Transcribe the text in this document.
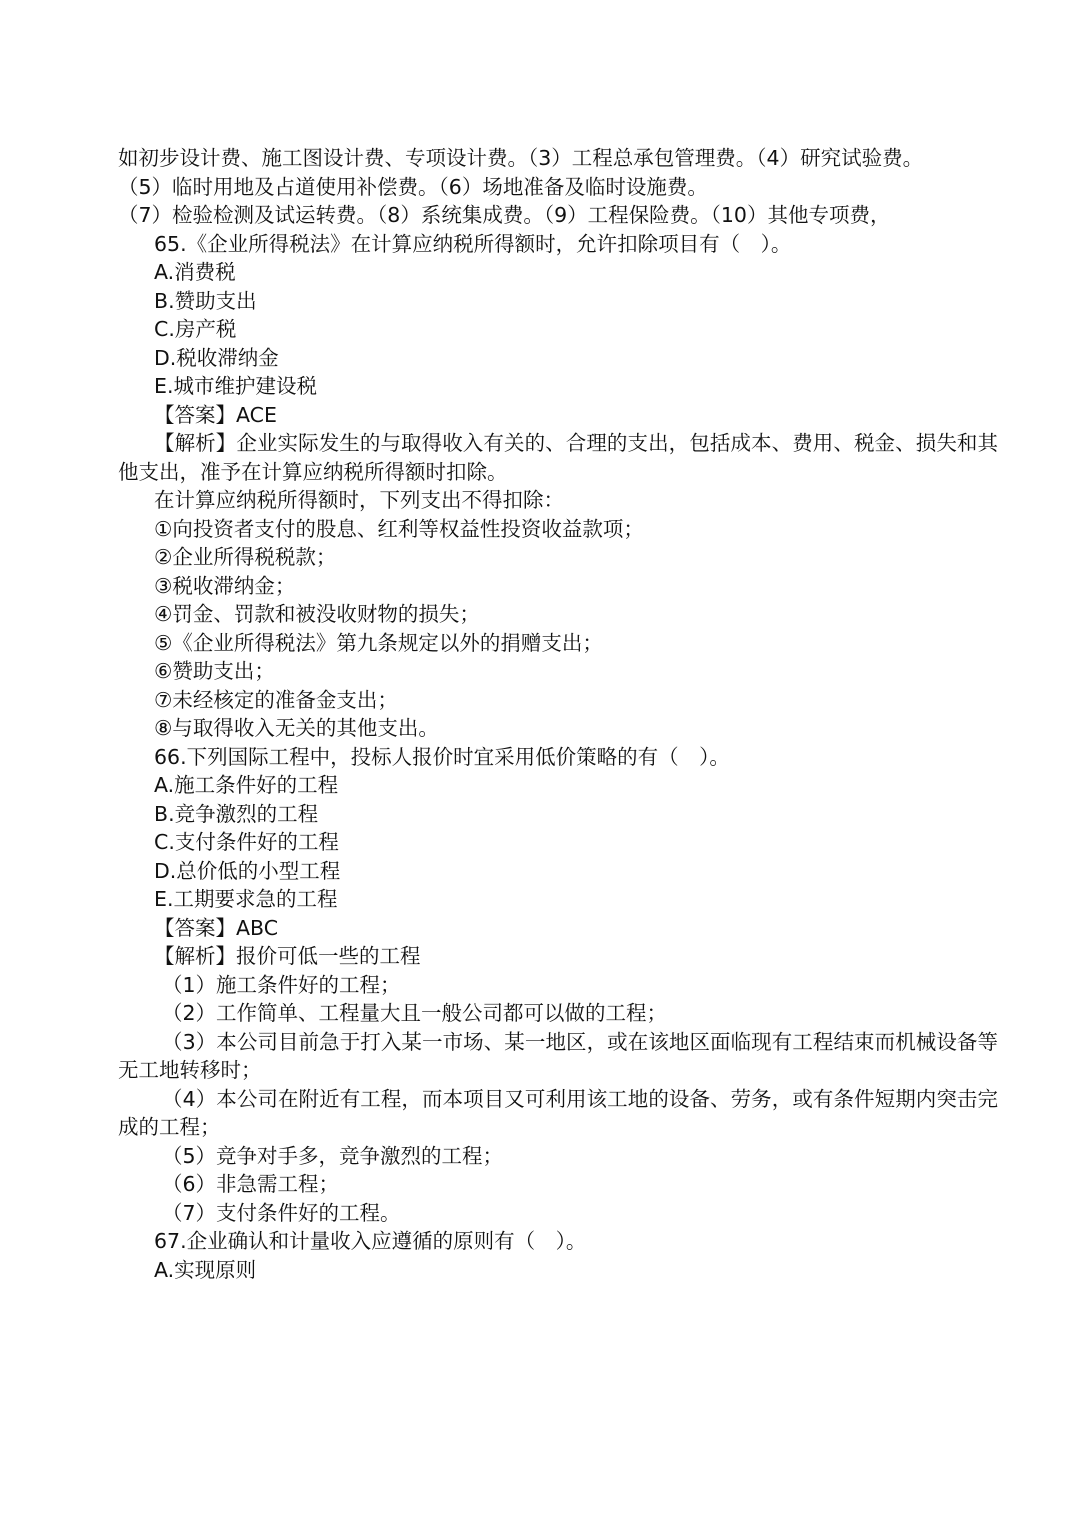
如初步设计费、施工图设计费、专项设计费。（3）工程总承包管理费。（4）研究试验费。
（5）临时用地及占道使用补偿费。（6）场地准备及临时设施费。
（7）检验检测及试运转费。（8）系统集成费。（9）工程保险费。（10）其他专项费，
65.《企业所得税法》在计算应纳税所得额时，允许扣除项目有（　）。
A.消费税
B.赞助支出
C.房产税
D.税收滞纳金
E.城市维护建设税
【答案】ACE
【解析】企业实际发生的与取得收入有关的、合理的支出，包括成本、费用、税金、损失和其他支出，准予在计算应纳税所得额时扣除。
在计算应纳税所得额时，下列支出不得扣除：
①向投资者支付的股息、红利等权益性投资收益款项；
②企业所得税税款；
③税收滞纳金；
④罚金、罚款和被没收财物的损失；
⑤《企业所得税法》第九条规定以外的捐赠支出；
⑥赞助支出；
⑦未经核定的准备金支出；
⑧与取得收入无关的其他支出。
66.下列国际工程中，投标人报价时宜采用低价策略的有（　）。
A.施工条件好的工程
B.竞争激烈的工程
C.支付条件好的工程
D.总价低的小型工程
E.工期要求急的工程
【答案】ABC
【解析】报价可低一些的工程
（1）施工条件好的工程；
（2）工作简单、工程量大且一般公司都可以做的工程；
（3）本公司目前急于打入某一市场、某一地区，或在该地区面临现有工程结束而机械设备等无工地转移时；
（4）本公司在附近有工程，而本项目又可利用该工地的设备、劳务，或有条件短期内突击完成的工程；
（5）竞争对手多，竞争激烈的工程；
（6）非急需工程；
（7）支付条件好的工程。
67.企业确认和计量收入应遵循的原则有（　）。
A.实现原则
